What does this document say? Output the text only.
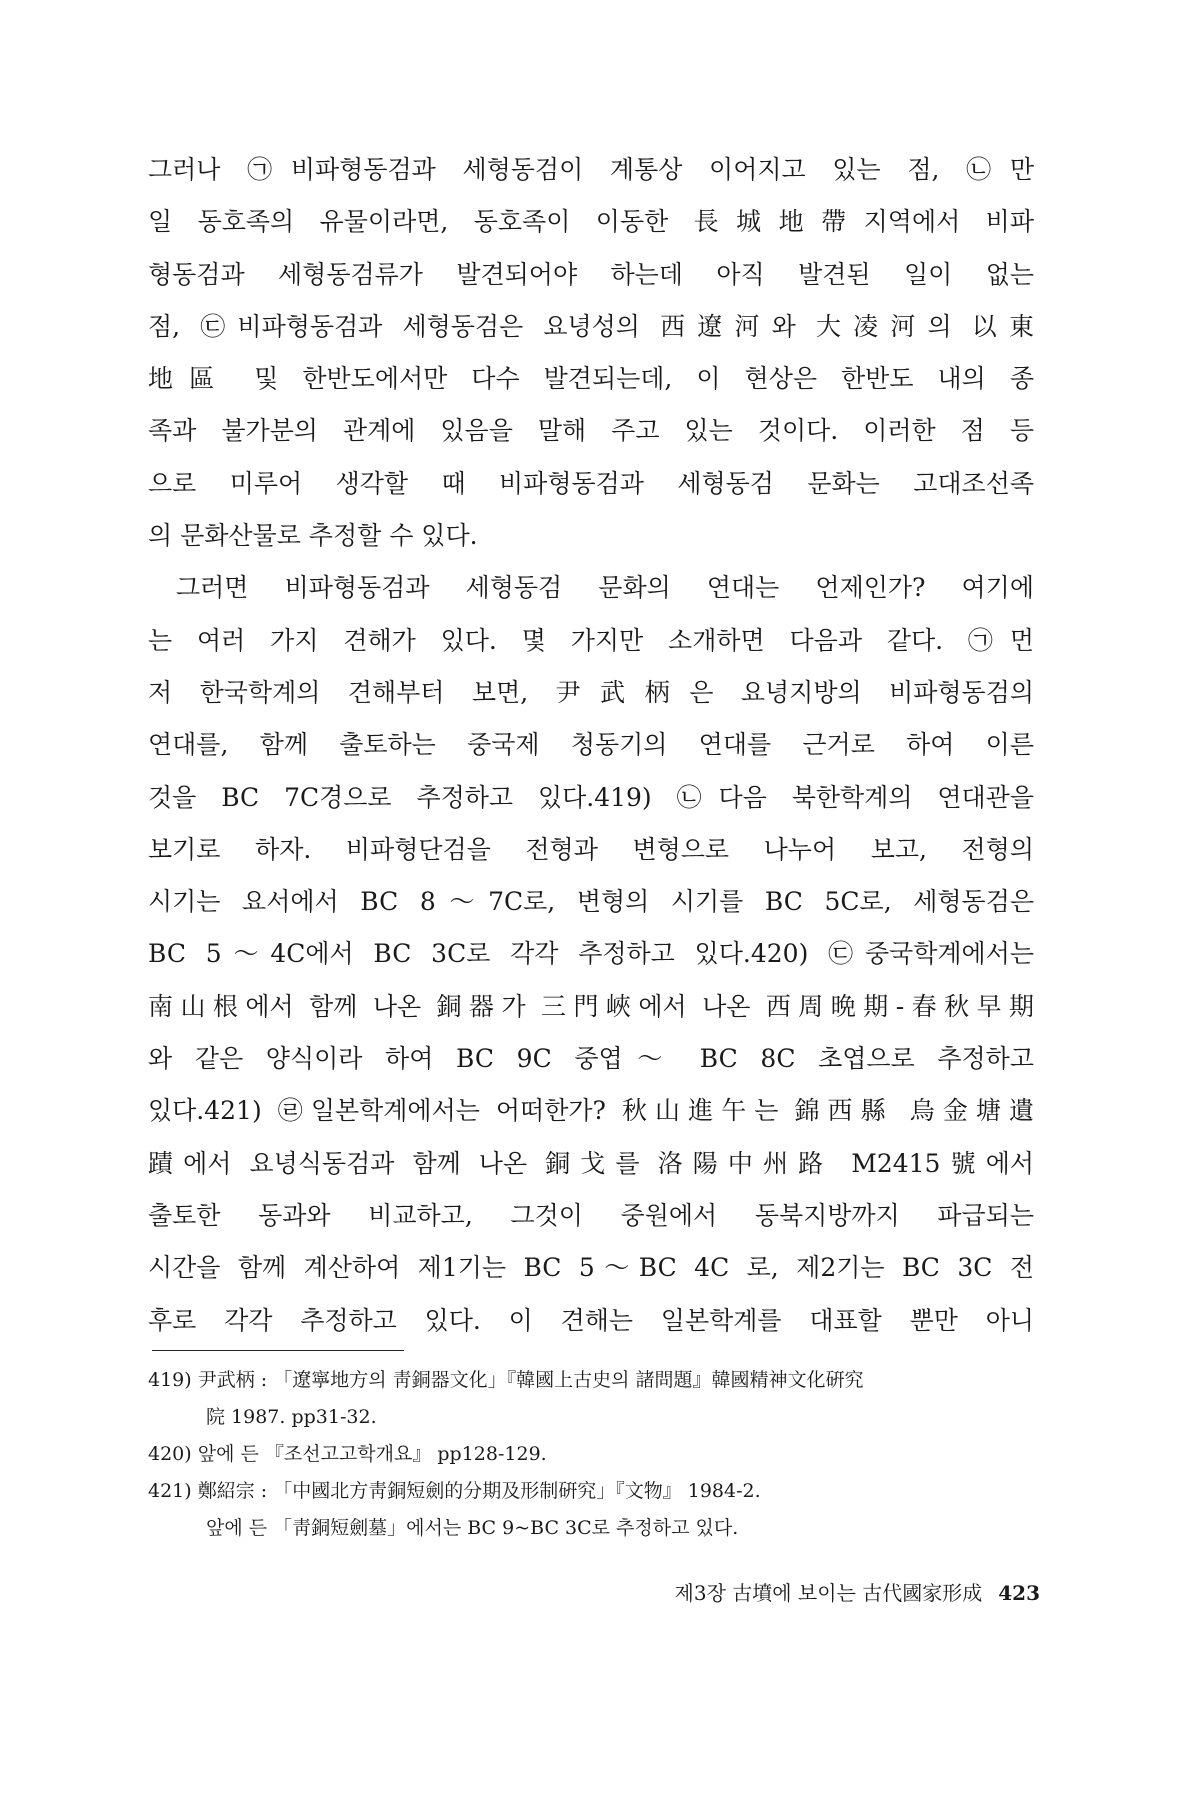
그러나 ㉠비파형동검과 세형동검이 계통상 이어지고 있는 점, ㉡만
일 동호족의 유물이라면, 동호족이 이동한 長城地帶지역에서 비파
형동검과 세형동검류가 발견되어야 하는데 아직 발견된 일이 없는
점, ㉢비파형동검과 세형동검은 요녕성의 西遼河와 大凌河의 以東
地區 및 한반도에서만 다수 발견되는데, 이 현상은 한반도 내의 종
족과 불가분의 관계에 있음을 말해 주고 있는 것이다. 이러한 점 등
으로 미루어 생각할 때 비파형동검과 세형동검 문화는 고대조선족
의 문화산물로 추정할 수 있다.
그러면 비파형동검과 세형동검 문화의 연대는 언제인가? 여기에
는 여러 가지 견해가 있다. 몇 가지만 소개하면 다음과 같다. ㉠먼
저 한국학계의 견해부터 보면, 尹武柄은 요녕지방의 비파형동검의
연대를, 함께 출토하는 중국제 청동기의 연대를 근거로 하여 이른
것을 BC 7C경으로 추정하고 있다.419) ㉡다음 북한학계의 연대관을
보기로 하자. 비파형단검을 전형과 변형으로 나누어 보고, 전형의
시기는 요서에서 BC 8～7C로, 변형의 시기를 BC 5C로, 세형동검은
BC 5～4C에서 BC 3C로 각각 추정하고 있다.420) ㉢중국학계에서는
南山根에서 함께 나온 銅器가 三門峽에서 나온 西周晩期-春秋早期
와 같은 양식이라 하여 BC 9C 중엽～ BC 8C 초엽으로 추정하고
있다.421) ㉣일본학계에서는 어떠한가? 秋山進午는 錦西縣 烏金塘遺
蹟에서 요녕식동검과 함께 나온 銅戈를 洛陽中州路 M2415號에서
출토한 동과와 비교하고, 그것이 중원에서 동북지방까지 파급되는
시간을 함께 계산하여 제1기는 BC 5～BC 4C 로, 제2기는 BC 3C 전
후로 각각 추정하고 있다. 이 견해는 일본학계를 대표할 뿐만 아니
419) 尹武柄 : 「遼寧地方의 靑銅器文化」『韓國上古史의 諸問題』韓國精神文化硏究
院 1987. pp31-32.
420) 앞에 든 『조선고고학개요』 pp128-129.
421) 鄭紹宗 : 「中國北方靑銅短劍的分期及形制硏究」『文物』 1984-2.
앞에 든 「靑銅短劍墓」에서는 BC 9~BC 3C로 추정하고 있다.
제3장 古墳에 보이는 古代國家形成 423
